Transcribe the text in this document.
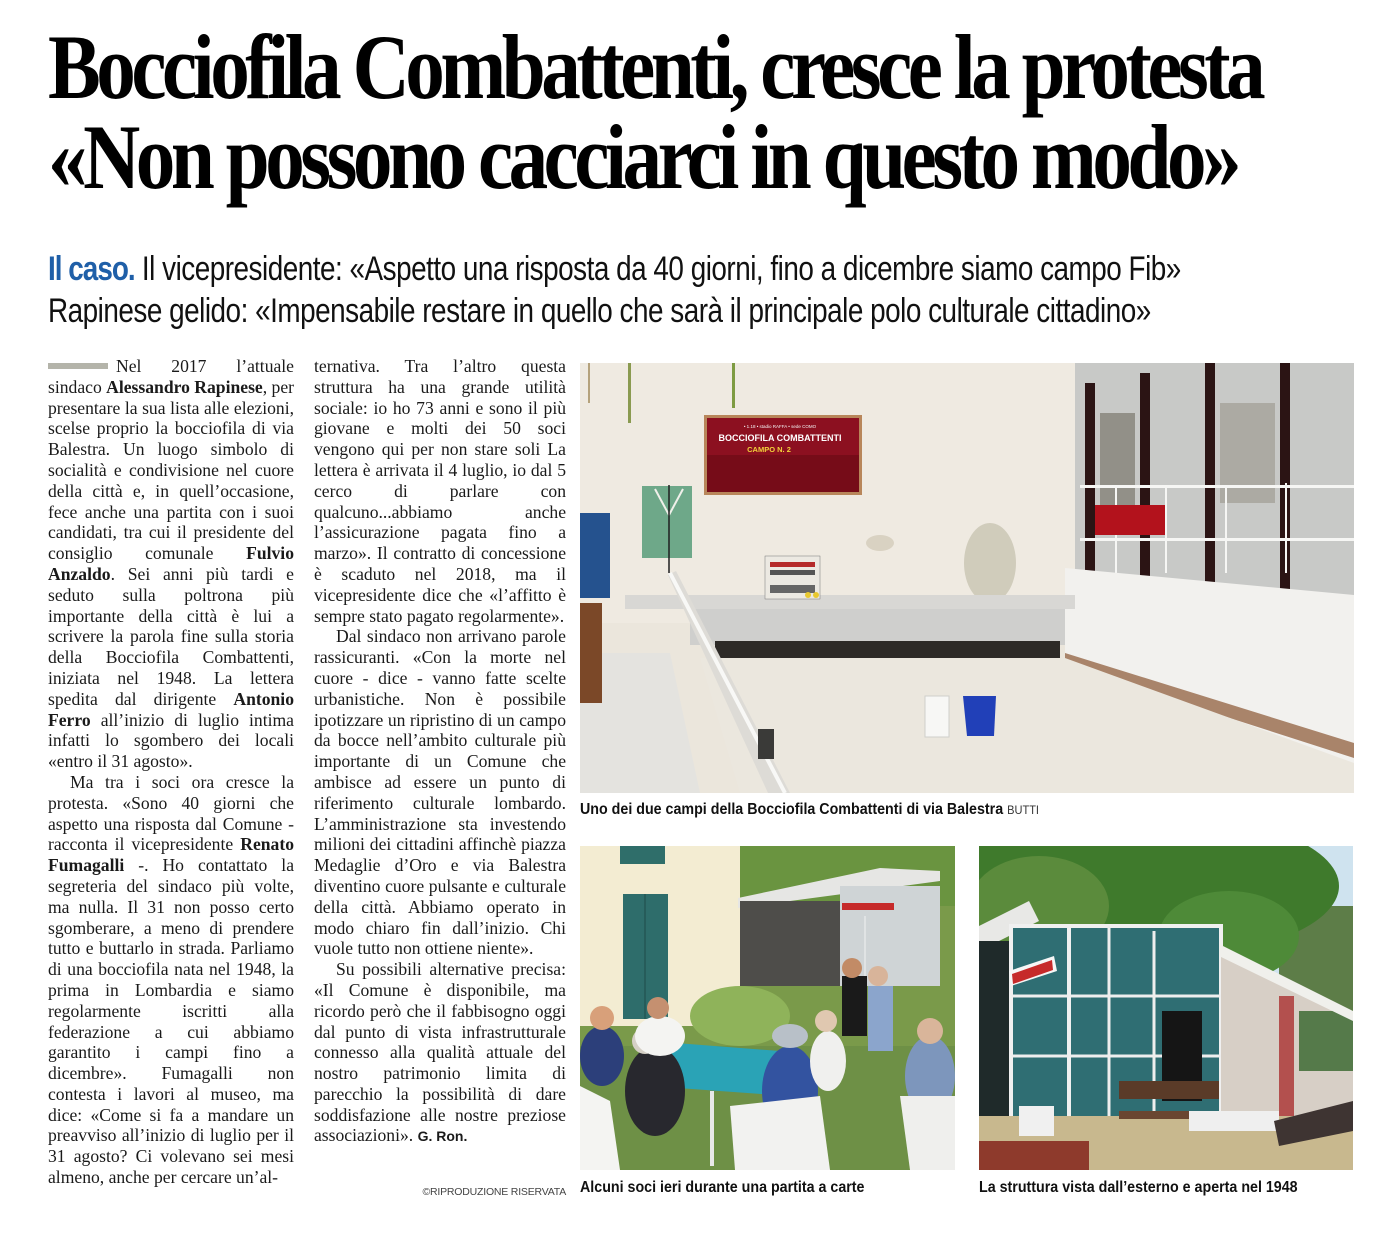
Bocciofila Combattenti, cresce la protesta
«Non possono cacciarci in questo modo»
Il caso. Il vicepresidente: «Aspetto una risposta da 40 giorni, fino a dicembre siamo campo Fib»
Rapinese gelido: «Impensabile restare in quello che sarà il principale polo culturale cittadino»

Nel 2017 l’attuale sindaco Alessandro Rapinese, per presentare la sua lista alle elezioni, scelse proprio la bocciofila di via Balestra. Un luogo simbolo di socialità e condivisione nel cuore della città e, in quell’occasione, fece anche una partita con i suoi candidati, tra cui il presidente del consiglio comunale Fulvio Anzaldo. Sei anni più tardi e seduto sulla poltrona più importante della città è lui a scrivere la parola fine sulla storia della Bocciofila Combattenti, iniziata nel 1948. La lettera spedita dal dirigente Antonio Ferro all’inizio di luglio intima infatti lo sgombero dei locali «entro il 31 agosto».

Ma tra i soci ora cresce la protesta. «Sono 40 giorni che aspetto una risposta dal Comune - racconta il vicepresidente Renato Fumagalli -. Ho contattato la segreteria del sindaco più volte, ma nulla. Il 31 non posso certo sgomberare, a meno di prendere tutto e buttarlo in strada. Parliamo di una bocciofila nata nel 1948, la prima in Lombardia e siamo regolarmente iscritti alla federazione a cui abbiamo garantito i campi fino a dicembre». Fumagalli non contesta i lavori al museo, ma dice: «Come si fa a mandare un preavviso all’inizio di luglio per il 31 agosto? Ci volevano sei mesi almeno, anche per cercare un’al-

ternativa. Tra l’altro questa struttura ha una grande utilità sociale: io ho 73 anni e sono il più giovane e molti dei 50 soci vengono qui per non stare soli La lettera è arrivata il 4 luglio, io dal 5 cerco di parlare con qualcuno...abbiamo anche l’assicurazione pagata fino a marzo». Il contratto di concessione è scaduto nel 2018, ma il vicepresidente dice che «l’affitto è sempre stato pagato regolarmente».

Dal sindaco non arrivano parole rassicuranti. «Con la morte nel cuore - dice - vanno fatte scelte urbanistiche. Non è possibile ipotizzare un ripristino di un campo da bocce nell’ambito culturale più importante di un Comune che ambisce ad essere un punto di riferimento culturale lombardo. L’amministrazione sta investendo milioni dei cittadini affinchè piazza Medaglie d’Oro e via Balestra diventino cuore pulsante e culturale della città. Abbiamo operato in modo chiaro fin dall’inizio. Chi vuole tutto non ottiene niente».

Su possibili alternative precisa: «Il Comune è disponibile, ma ricordo però che il fabbisogno oggi dal punto di vista infrastrutturale connesso alla qualità attuale del nostro patrimonio limita di parecchio la possibilità di dare soddisfazione alle nostre preziose associazioni». G. Ron.

©RIPRODUZIONE RISERVATA
• 1.18 • stadio RAFFA • sede COMO
BOCCIOFILA COMBATTENTI
CAMPO N. 2
Uno dei due campi della Bocciofila Combattenti di via Balestra BUTTI
Alcuni soci ieri durante una partita a carte	La struttura vista dall’esterno e aperta nel 1948
